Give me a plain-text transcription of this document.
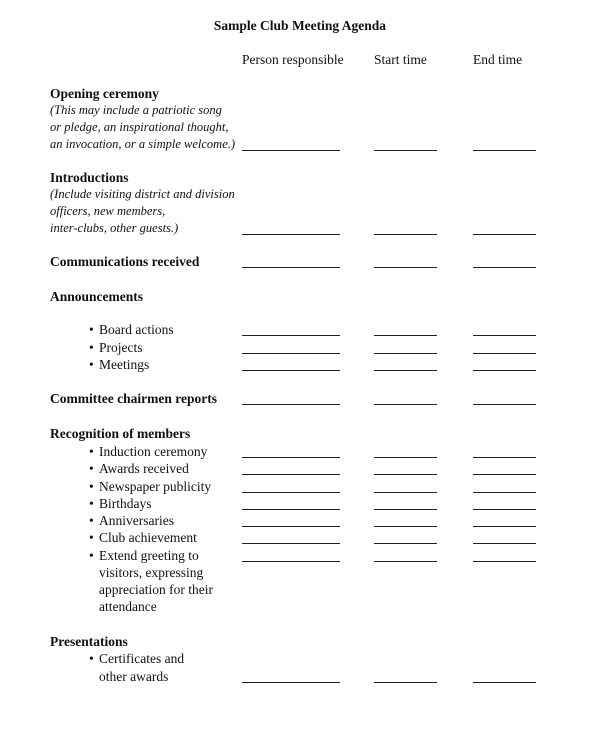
Sample Club Meeting Agenda
Person responsible Start time	End time
Opening ceremony
(This may include a patriotic song
or pledge, an inspirational thought,
an invocation, or a simple welcome.)
Introductions
(Include visiting district and division
officers, new members,
inter-clubs, other guests.)
Communications received
Announcements
Board actions
•
Projects
•
Meetings
•
Committee chairmen reports
Recognition of members
Induction ceremony
•
Awards received
•
Newspaper publicity
•
Birthdays
•
Anniversaries
•
Club achievement
•
Extend greeting to
•
visitors, expressing
appreciation for their
attendance
Presentations
Certificates and
•
other awards
